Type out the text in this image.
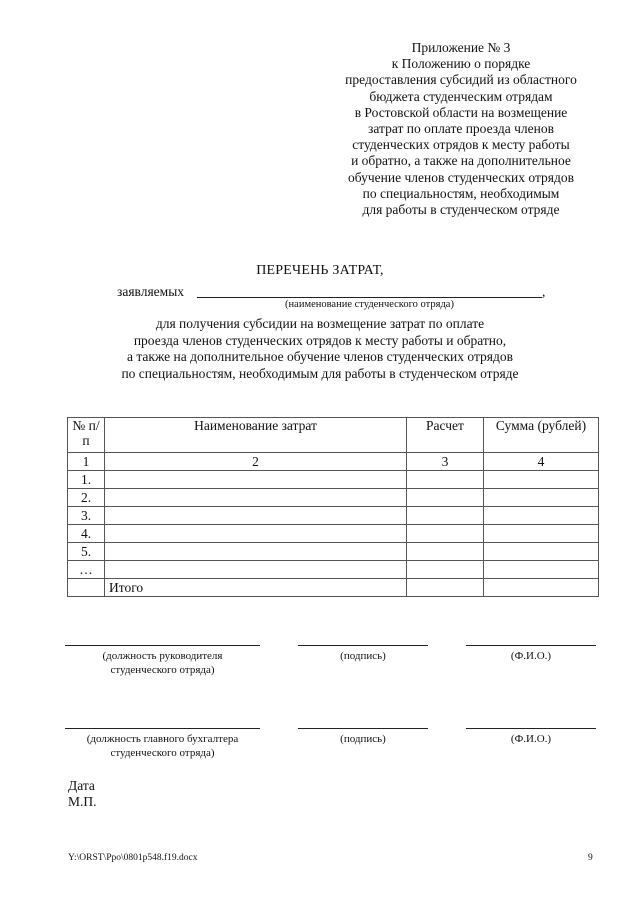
Приложение № 3
к Положению о порядке
предоставления субсидий из областного
бюджета студенческим отрядам
в Ростовской области на возмещение
затрат по оплате проезда членов
студенческих отрядов к месту работы
и обратно, а также на дополнительное
обучение членов студенческих отрядов
по специальностям, необходимым
для работы в студенческом отряде
ПЕРЕЧЕНЬ ЗАТРАТ,
заявляемых	,
(наименование студенческого отряда)
для получения субсидии на возмещение затрат по оплате
проезда членов студенческих отрядов к месту работы и обратно,
а также на дополнительное обучение членов студенческих отрядов
по специальностям, необходимым для работы в студенческом отряде
№ п/п	Наименование затрат	Расчет	Сумма (рублей)
1	2	3	4
1.			
2.			
3.			
4.			
5.			
…			
	Итого		
(должность руководителя
студенческого отряда)
(подпись)	(Ф.И.О.)
(должность главного бухгалтера
студенческого отряда)
(подпись)	(Ф.И.О.)
Дата
М.П.
Y:\ORST\Ppo\0801p548.f19.docx	9
